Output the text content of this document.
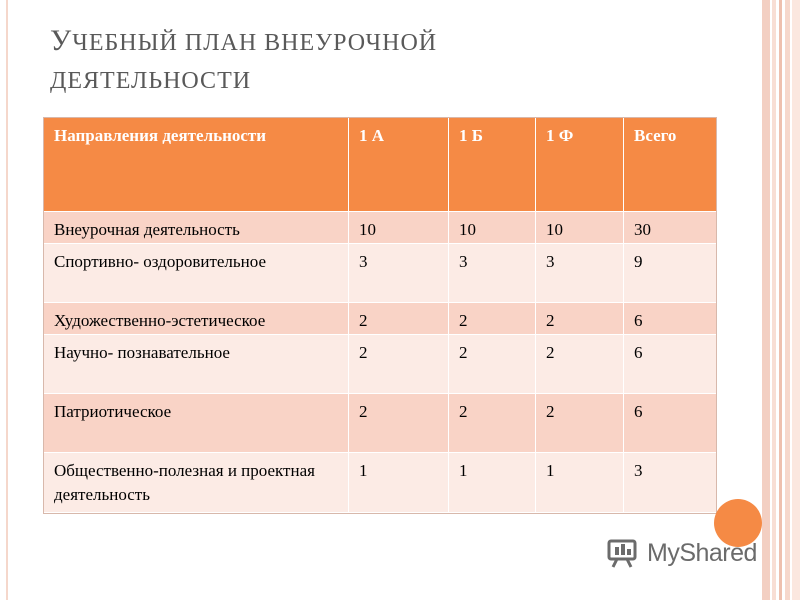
УЧЕБНЫЙ ПЛАН ВНЕУРОЧНОЙ
ДЕЯТЕЛЬНОСТИ
Направления деятельности	1 А	1 Б	1 Ф	Всего
Внеурочная деятельность	10	10	10	30
Спортивно- оздоровительное	3	3	3	9
Художественно-эстетическое	2	2	2	6
Научно- познавательное	2	2	2	6
Патриотическое	2	2	2	6
Общественно-полезная и проектная деятельность	1	1	1	3
MyShared
